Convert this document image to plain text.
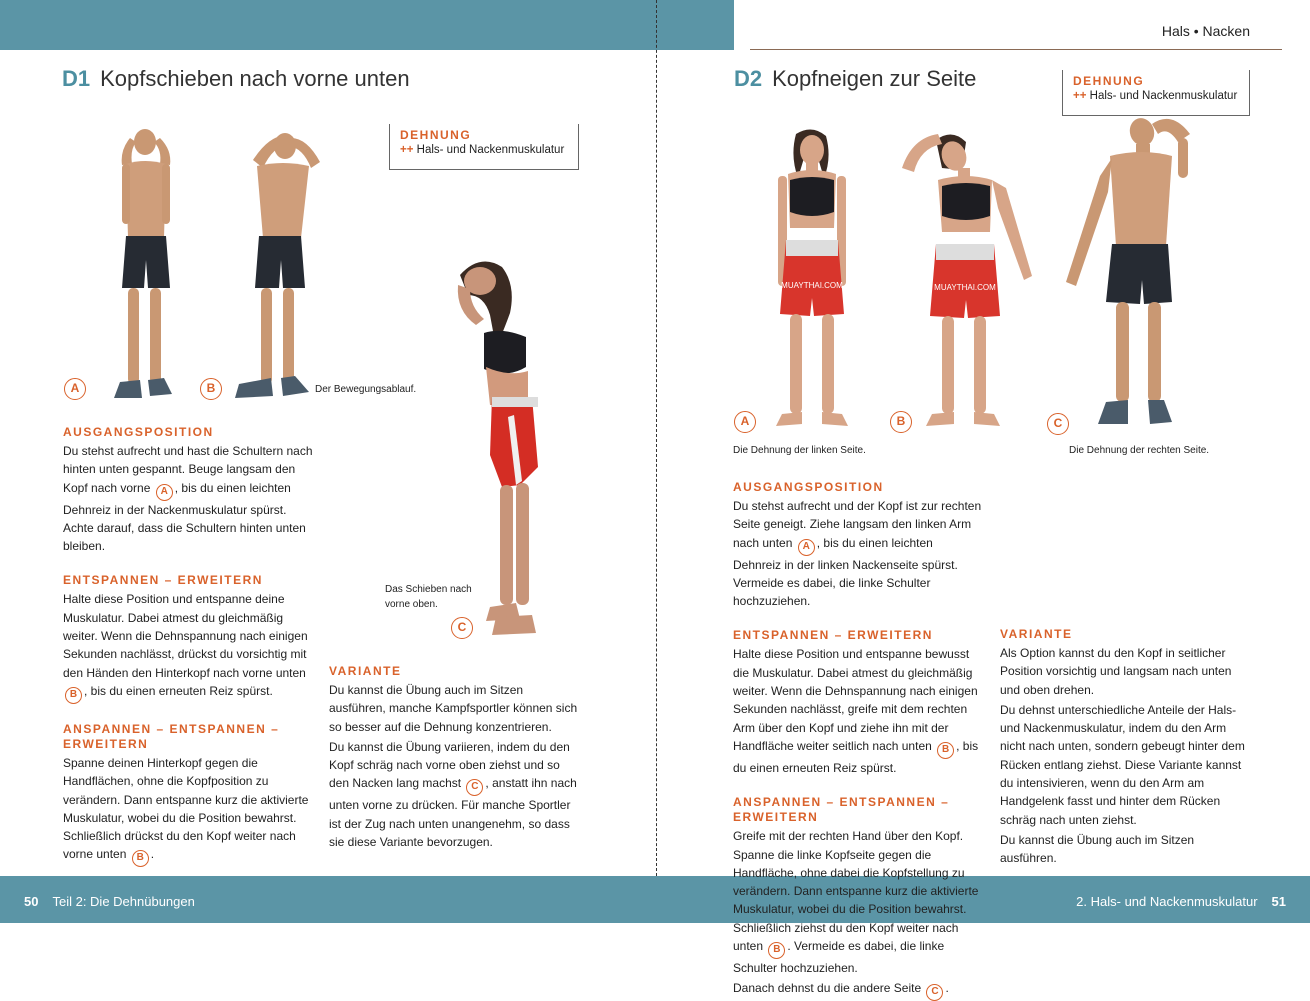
Hals • Nacken
D1 Kopfschieben nach vorne unten
DEHNUNG
++ Hals- und Nackenmuskulatur
A	B
C
Der Bewegungsablauf.
Das Schieben nach
vorne oben.
AUSGANGSPOSITION

Du stehst aufrecht und hast die Schultern nach hinten unten gespannt. Beuge langsam den Kopf nach vorne A , bis du einen leichten Dehnreiz in der Nackenmuskulatur spürst. Achte darauf, dass die Schultern hinten unten bleiben.

ENTSPANNEN – ERWEITERN

Halte diese Position und entspanne deine Muskulatur. Dabei atmest du gleichmäßig weiter. Wenn die Dehnspannung nach einigen Sekunden nachlässt, drückst du vorsichtig mit den Händen den Hinterkopf nach vorne unten B , bis du einen erneuten Reiz spürst.

ANSPANNEN – ENTSPANNEN – ERWEITERN

Spanne deinen Hinterkopf gegen die Handflächen, ohne die Kopfposition zu verändern. Dann entspanne kurz die aktivierte Muskulatur, wobei du die Position bewahrst. Schließlich drückst du den Kopf weiter nach vorne unten B .

VARIANTE

Du kannst die Übung auch im Sitzen ausführen, manche Kampfsportler können sich so besser auf die Dehnung konzentrieren.

Du kannst die Übung variieren, indem du den Kopf schräg nach vorne oben ziehst und so den Nacken lang machst C , anstatt ihn nach unten vorne zu drücken. Für manche Sportler ist der Zug nach unten unangenehm, so dass sie diese Variante bevorzugen.

D2 Kopfneigen zur Seite	DEHNUNG
++ Hals- und Nackenmuskulatur
MUAYTHAI.COM	MUAYTHAI.COM
A	B	C
Die Dehnung der linken Seite.	Die Dehnung der rechten Seite.
AUSGANGSPOSITION

Du stehst aufrecht und der Kopf ist zur rechten Seite geneigt. Ziehe langsam den linken Arm nach unten A , bis du einen leichten Dehnreiz in der linken Nackenseite spürst. Vermeide es dabei, die linke Schulter hochzuziehen.

ENTSPANNEN – ERWEITERN

Halte diese Position und entspanne bewusst die Muskulatur. Dabei atmest du gleichmäßig weiter. Wenn die Dehnspannung nach einigen Sekunden nachlässt, greife mit dem rechten Arm über den Kopf und ziehe ihn mit der Handfläche weiter seitlich nach unten B , bis du einen erneuten Reiz spürst.

ANSPANNEN – ENTSPANNEN – ERWEITERN

Greife mit der rechten Hand über den Kopf. Spanne die linke Kopfseite gegen die Handfläche, ohne dabei die Kopfstellung zu verändern. Dann entspanne kurz die aktivierte Muskulatur, wobei du die Position bewahrst. Schließlich ziehst du den Kopf weiter nach unten B . Vermeide es dabei, die linke Schulter hochzuziehen.

Danach dehnst du die andere Seite C .

VARIANTE

Als Option kannst du den Kopf in seitlicher Position vorsichtig und langsam nach unten und oben drehen.

Du dehnst unterschiedliche Anteile der Hals- und Nackenmuskulatur, indem du den Arm nicht nach unten, sondern gebeugt hinter dem Rücken entlang ziehst. Diese Variante kannst du intensivieren, wenn du den Arm am Handgelenk fasst und hinter dem Rücken schräg nach unten ziehst.

Du kannst die Übung auch im Sitzen ausführen.

50 Teil 2: Die Dehnübungen	2. Hals- und Nackenmuskulatur 51
